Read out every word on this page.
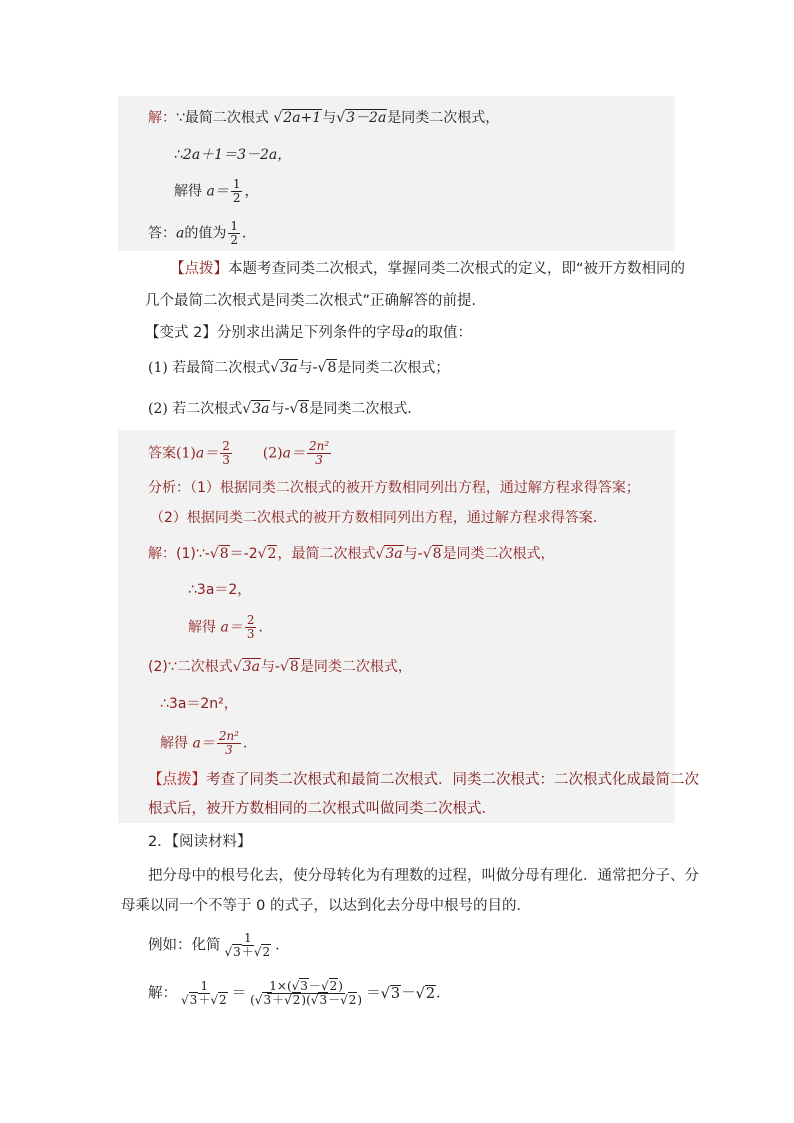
解：∵最简二次根式 √2a+1与√3－2a是同类二次根式，
∴2a＋1＝3－2a，
解得 $a= \frac{1}{2}$ ，
答：a的值为 $\frac{1}{2}$ ．
【点拨】本题考查同类二次根式，掌握同类二次根式的定义，即“被开方数相同的
几个最简二次根式是同类二次根式”正确解答的前提．
【变式 2】分别求出满足下列条件的字母a的取值：
(1) 若最简二次根式√3a与-√8是同类二次根式；
(2) 若二次根式√3a与-√8是同类二次根式．
答案$(1)a= \frac{2}{3} (2)a= \frac{\text{2n²}}{3}$
分析：（1）根据同类二次根式的被开方数相同列出方程，通过解方程求得答案；
（2）根据同类二次根式的被开方数相同列出方程，通过解方程求得答案．
解：(1)∵-√8＝-2√2，最简二次根式√3a与-√8是同类二次根式，
∴3a＝2，
解得 $a= \frac{2}{3}$ ．
(2)∵二次根式√3a与-√8是同类二次根式，
∴3a＝2n²，
解得 $a= \frac{\text{2n²}}{3}$ ．
【点拨】考查了同类二次根式和最简二次根式．同类二次根式：二次根式化成最简二次
根式后，被开方数相同的二次根式叫做同类二次根式．
2．【阅读材料】
把分母中的根号化去，使分母转化为有理数的过程，叫做分母有理化．通常把分子、分
母乘以同一个不等于 0 的式子，以达到化去分母中根号的目的．
例如：化简 $\frac{1}{√3+√2}$ ．
解： $\frac{1}{√3+√2} = \frac{1\times(√3-√2)}{(√3+√2)(√3-√2)} =√3-√2$．
